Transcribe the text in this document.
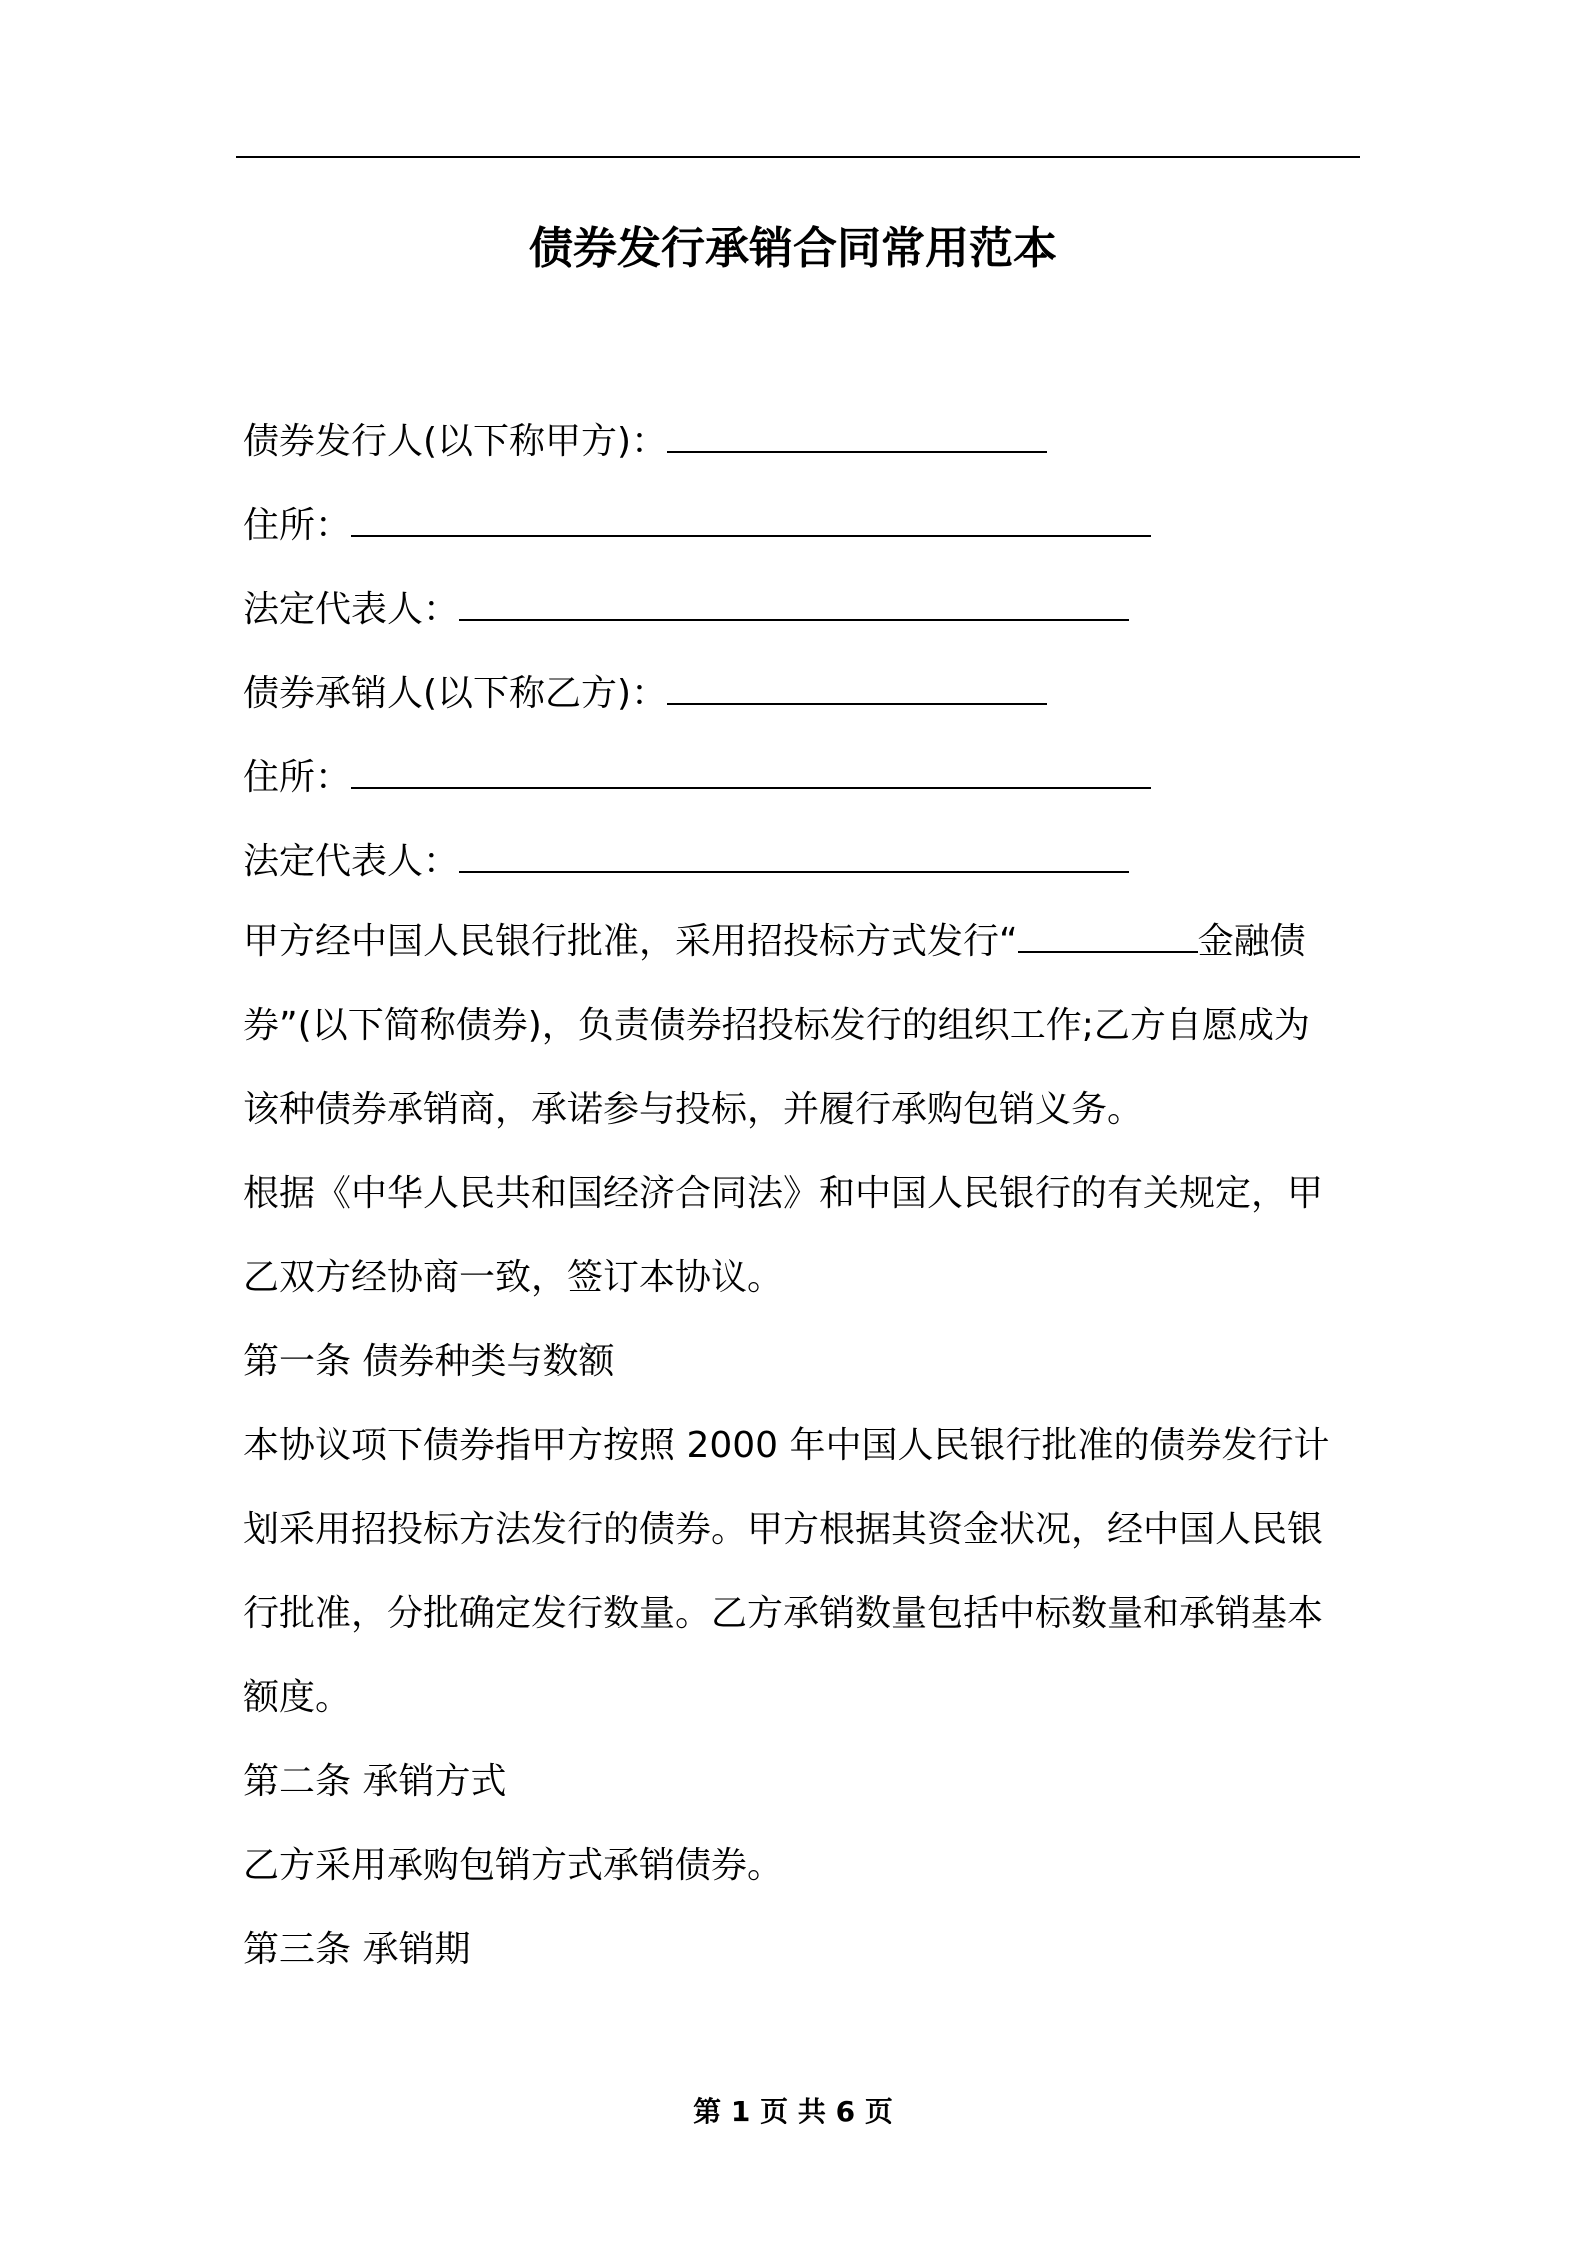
债券发行承销合同常用范本

债券发行人(以下称甲方)：

住所：

法定代表人：

债券承销人(以下称乙方)：

住所：

法定代表人：

甲方经中国人民银行批准，采用招投标方式发行“	金融债

券”(以下简称债券)，负责债券招投标发行的组织工作;乙方自愿成为

该种债券承销商，承诺参与投标，并履行承购包销义务。

根据《中华人民共和国经济合同法》和中国人民银行的有关规定，甲

乙双方经协商一致，签订本协议。

第一条 债券种类与数额

本协议项下债券指甲方按照 2000 年中国人民银行批准的债券发行计

划采用招投标方法发行的债券。甲方根据其资金状况，经中国人民银

行批准，分批确定发行数量。乙方承销数量包括中标数量和承销基本

额度。

第二条 承销方式

乙方采用承购包销方式承销债券。

第三条 承销期

第 1 页 共 6 页
